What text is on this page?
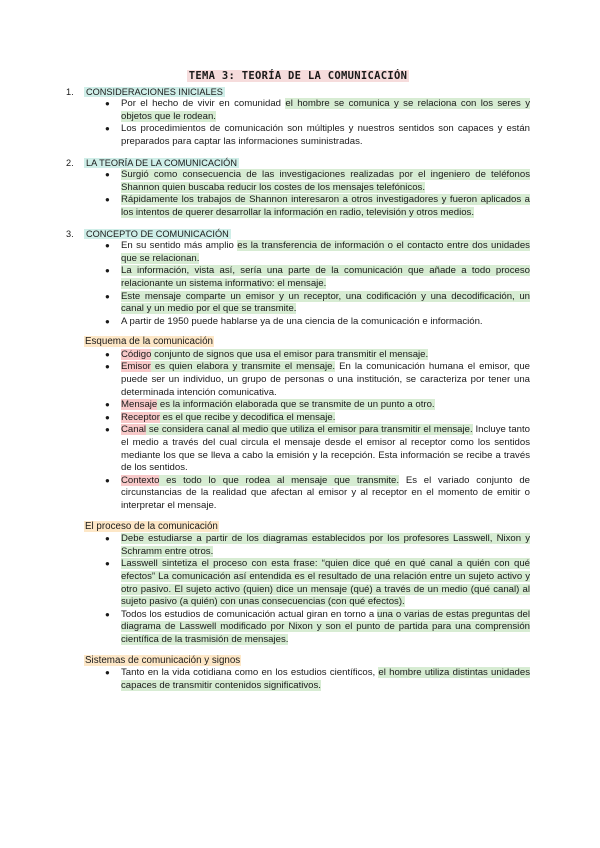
TEMA 3: TEORÍA DE LA COMUNICACIÓN
1. CONSIDERACIONES INICIALES
● Por el hecho de vivir en comunidad el hombre se comunica y se relaciona con los seres y objetos que le rodean.
● Los procedimientos de comunicación son múltiples y nuestros sentidos son capaces y están preparados para captar las informaciones suministradas.
2. LA TEORÍA DE LA COMUNICACIÓN
● Surgió como consecuencia de las investigaciones realizadas por el ingeniero de teléfonos Shannon quien buscaba reducir los costes de los mensajes telefónicos.
● Rápidamente los trabajos de Shannon interesaron a otros investigadores y fueron aplicados a los intentos de querer desarrollar la información en radio, televisión y otros medios.
3. CONCEPTO DE COMUNICACIÓN
● En su sentido más amplio es la transferencia de información o el contacto entre dos unidades que se relacionan.
● La información, vista así, sería una parte de la comunicación que añade a todo proceso relacionante un sistema informativo: el mensaje.
● Este mensaje comparte un emisor y un receptor, una codificación y una decodificación, un canal y un medio por el que se transmite.
● A partir de 1950 puede hablarse ya de una ciencia de la comunicación e información.
Esquema de la comunicación
● Código conjunto de signos que usa el emisor para transmitir el mensaje.
● Emisor es quien elabora y transmite el mensaje. En la comunicación humana el emisor, que puede ser un individuo, un grupo de personas o una institución, se caracteriza por tener una determinada intención comunicativa.
● Mensaje es la información elaborada que se transmite de un punto a otro.
● Receptor es el que recibe y decodifica el mensaje.
● Canal se considera canal al medio que utiliza el emisor para transmitir el mensaje. Incluye tanto el medio a través del cual circula el mensaje desde el emisor al receptor como los sentidos mediante los que se lleva a cabo la emisión y la recepción. Esta información se recibe a través de los sentidos.
● Contexto es todo lo que rodea al mensaje que transmite. Es el variado conjunto de circunstancias de la realidad que afectan al emisor y al receptor en el momento de emitir o interpretar el mensaje.
El proceso de la comunicación
● Debe estudiarse a partir de los diagramas establecidos por los profesores Lasswell, Nixon y Schramm entre otros.
● Lasswell sintetiza el proceso con esta frase: “quien dice qué en qué canal a quién con qué efectos” La comunicación así entendida es el resultado de una relación entre un sujeto activo y otro pasivo. El sujeto activo (quien) dice un mensaje (qué) a través de un medio (qué canal) al sujeto pasivo (a quién) con unas consecuencias (con qué efectos).
● Todos los estudios de comunicación actual giran en torno a una o varias de estas preguntas del diagrama de Lasswell modificado por Nixon y son el punto de partida para una comprensión científica de la trasmisión de mensajes.
Sistemas de comunicación y signos
● Tanto en la vida cotidiana como en los estudios científicos, el hombre utiliza distintas unidades capaces de transmitir contenidos significativos.
